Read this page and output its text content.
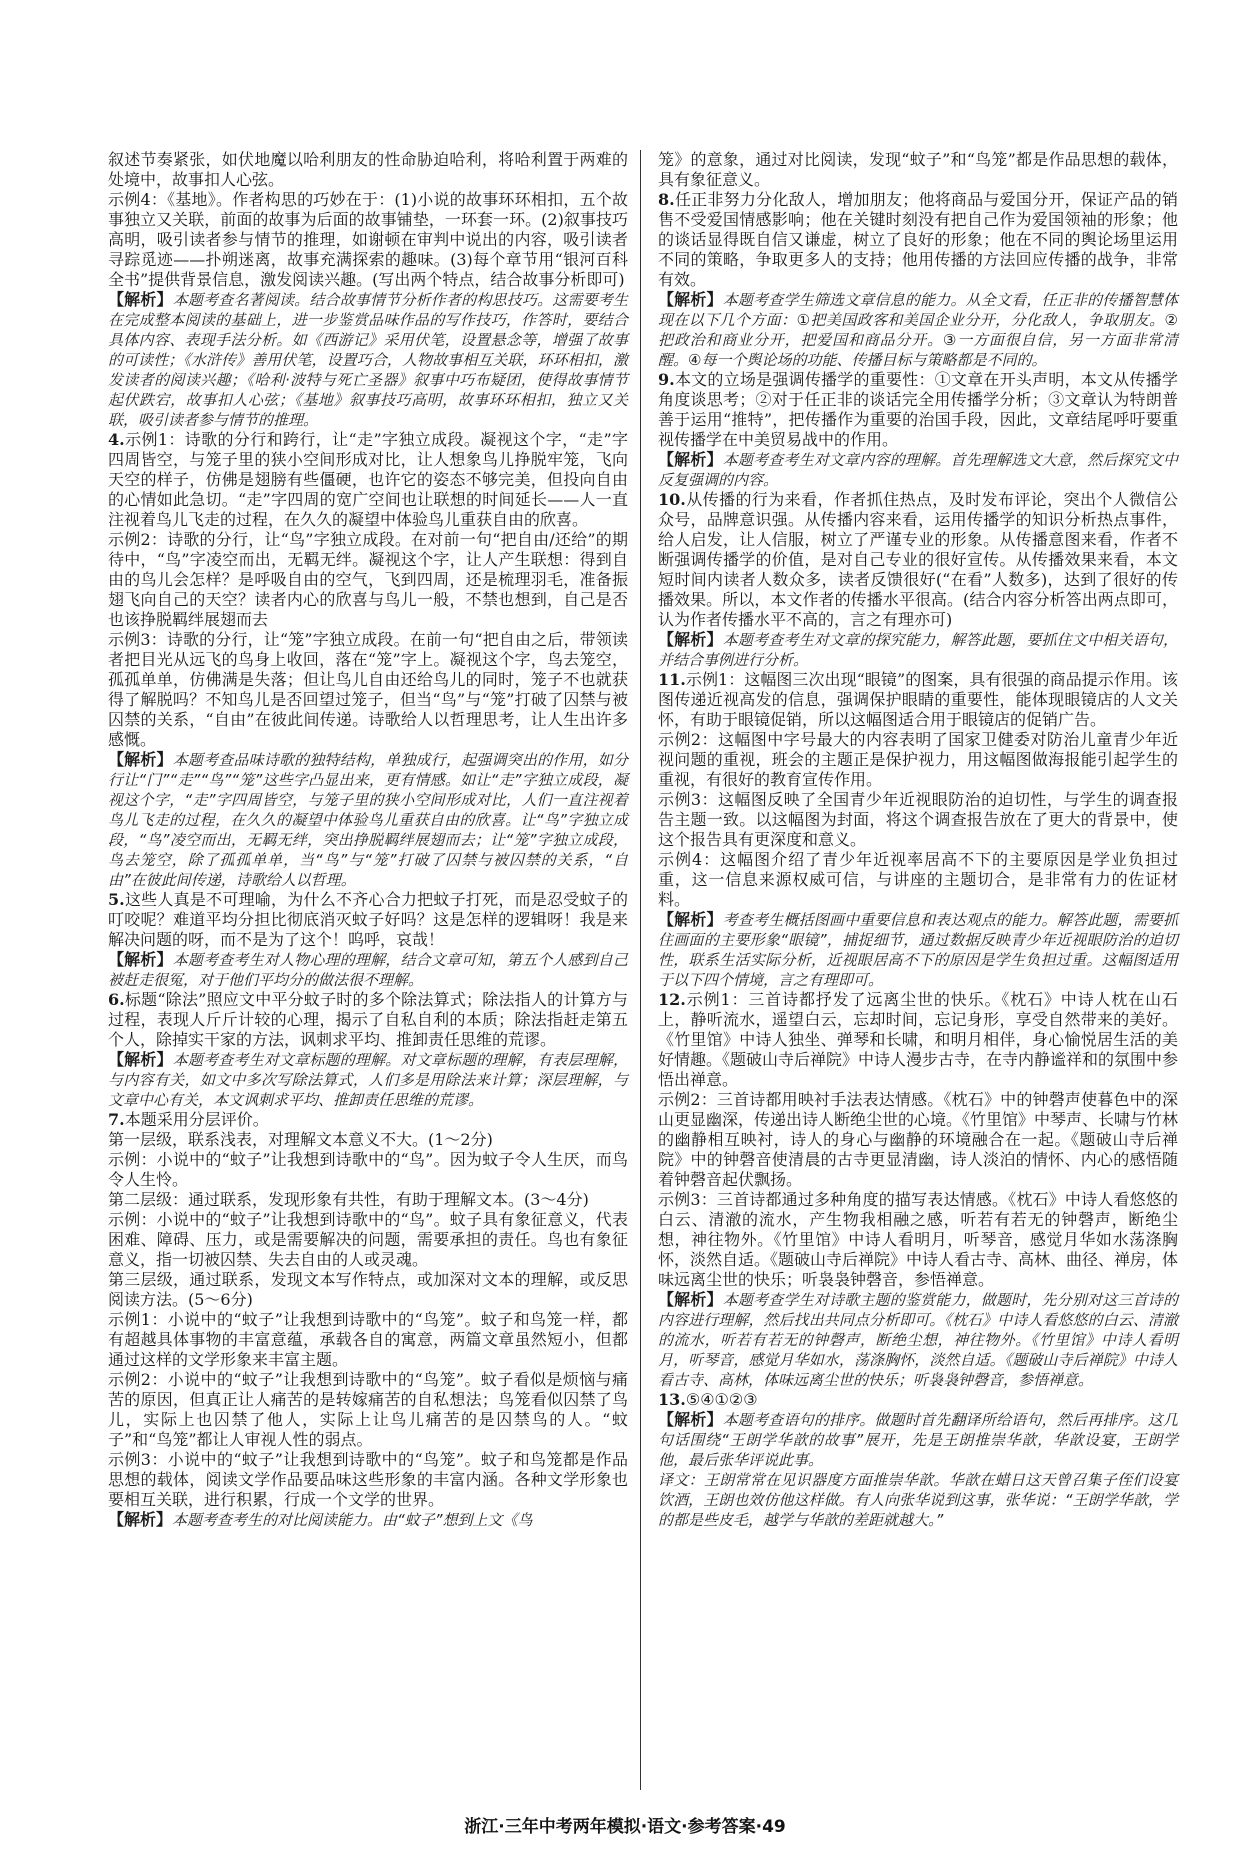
叙述节奏紧张，如伏地魔以哈利朋友的性命胁迫哈利，将哈利置于两难的处境中，故事扣人心弦。

示例4：《基地》。作者构思的巧妙在于：(1)小说的故事环环相扣，五个故事独立又关联，前面的故事为后面的故事铺垫，一环套一环。(2)叙事技巧高明，吸引读者参与情节的推理，如谢顿在审判中说出的内容，吸引读者寻踪觅迹——扑朔迷离，故事充满探索的趣味。(3)每个章节用“银河百科全书”提供背景信息，激发阅读兴趣。(写出两个特点，结合故事分析即可)

【解析】本题考查名著阅读。结合故事情节分析作者的构思技巧。这需要考生在完成整本阅读的基础上，进一步鉴赏品味作品的写作技巧，作答时，要结合具体内容、表现手法分析。如《西游记》采用伏笔，设置悬念等，增强了故事的可读性；《水浒传》善用伏笔，设置巧合，人物故事相互关联，环环相扣，激发读者的阅读兴趣；《哈利·波特与死亡圣器》叙事中巧布疑团，使得故事情节起伏跌宕，故事扣人心弦；《基地》叙事技巧高明，故事环环相扣，独立又关联，吸引读者参与情节的推理。

4.示例1：诗歌的分行和跨行，让“走”字独立成段。凝视这个字，“走”字四周皆空，与笼子里的狭小空间形成对比，让人想象鸟儿挣脱牢笼，飞向天空的样子，仿佛是翅膀有些僵硬，也许它的姿态不够完美，但投向自由的心情如此急切。“走”字四周的宽广空间也让联想的时间延长——人一直注视着鸟儿飞走的过程，在久久的凝望中体验鸟儿重获自由的欣喜。

示例2：诗歌的分行，让“鸟”字独立成段。在对前一句“把自由/还给”的期待中，“鸟”字凌空而出，无羁无绊。凝视这个字，让人产生联想：得到自由的鸟儿会怎样？是呼吸自由的空气，飞到四周，还是梳理羽毛，准备振翅飞向自己的天空？读者内心的欣喜与鸟儿一般，不禁也想到，自己是否也该挣脱羁绊展翅而去

示例3：诗歌的分行，让“笼”字独立成段。在前一句“把自由之后，带领读者把目光从远飞的鸟身上收回，落在“笼”字上。凝视这个字，鸟去笼空，孤孤单单，仿佛满是失落；但让鸟儿自由还给鸟儿的同时，笼子不也就获得了解脱吗？不知鸟儿是否回望过笼子，但当“鸟”与“笼”打破了囚禁与被囚禁的关系，“自由”在彼此间传递。诗歌给人以哲理思考，让人生出许多感慨。

【解析】本题考查品味诗歌的独特结构，单独成行，起强调突出的作用，如分行让“门”“走”“鸟”“笼”这些字凸显出来，更有情感。如让“走”字独立成段，凝视这个字，“走”字四周皆空，与笼子里的狭小空间形成对比，人们一直注视着鸟儿飞走的过程，在久久的凝望中体验鸟儿重获自由的欣喜。让“鸟”字独立成段，“鸟”凌空而出，无羁无绊，突出挣脱羁绊展翅而去；让“笼”字独立成段，鸟去笼空，除了孤孤单单，当“鸟”与“笼”打破了囚禁与被囚禁的关系，“自由”在彼此间传递，诗歌给人以哲理。

5.这些人真是不可理喻，为什么不齐心合力把蚊子打死，而是忍受蚊子的叮咬呢？难道平均分担比彻底消灭蚊子好吗？这是怎样的逻辑呀！我是来解决问题的呀，而不是为了这个！呜呼，哀哉！

【解析】本题考查考生对人物心理的理解，结合文章可知，第五个人感到自己被赶走很冤，对于他们平均分的做法很不理解。

6.标题“除法”照应文中平分蚊子时的多个除法算式；除法指人的计算方与过程，表现人斤斤计较的心理，揭示了自私自利的本质；除法指赶走第五个人，除掉实干家的方法，讽刺求平均、推卸责任思维的荒谬。

【解析】本题考查考生对文章标题的理解。对文章标题的理解，有表层理解，与内容有关，如文中多次写除法算式，人们多是用除法来计算；深层理解，与文章中心有关，本文讽刺求平均、推卸责任思维的荒谬。

7.本题采用分层评价。

第一层级，联系浅表，对理解文本意义不大。(1～2分)

示例：小说中的“蚊子”让我想到诗歌中的“鸟”。因为蚊子令人生厌，而鸟令人生怜。

第二层级：通过联系，发现形象有共性，有助于理解文本。(3～4分)

示例：小说中的“蚊子”让我想到诗歌中的“鸟”。蚊子具有象征意义，代表困难、障碍、压力，或是需要解决的问题，需要承担的责任。鸟也有象征意义，指一切被囚禁、失去自由的人或灵魂。

第三层级，通过联系，发现文本写作特点，或加深对文本的理解，或反思阅读方法。(5～6分)

示例1：小说中的“蚊子”让我想到诗歌中的“鸟笼”。蚊子和鸟笼一样，都有超越具体事物的丰富意蕴，承载各自的寓意，两篇文章虽然短小，但都通过这样的文学形象来丰富主题。

示例2：小说中的“蚊子”让我想到诗歌中的“鸟笼”。蚊子看似是烦恼与痛苦的原因，但真正让人痛苦的是转嫁痛苦的自私想法；鸟笼看似囚禁了鸟儿，实际上也囚禁了他人，实际上让鸟儿痛苦的是囚禁鸟的人。“蚊子”和“鸟笼”都让人审视人性的弱点。

示例3：小说中的“蚊子”让我想到诗歌中的“鸟笼”。蚊子和鸟笼都是作品思想的载体，阅读文学作品要品味这些形象的丰富内涵。各种文学形象也要相互关联，进行积累，行成一个文学的世界。

【解析】本题考查考生的对比阅读能力。由“蚊子”想到上文《鸟

笼》的意象，通过对比阅读，发现“蚊子”和“鸟笼”都是作品思想的载体，具有象征意义。

8.任正非努力分化敌人，增加朋友；他将商品与爱国分开，保证产品的销售不受爱国情感影响；他在关键时刻没有把自己作为爱国领袖的形象；他的谈话显得既自信又谦虚，树立了良好的形象；他在不同的舆论场里运用不同的策略，争取更多人的支持；他用传播的方法回应传播的战争，非常有效。

【解析】本题考查学生筛选文章信息的能力。从全文看，任正非的传播智慧体现在以下几个方面：①把美国政客和美国企业分开，分化敌人，争取朋友。②把政治和商业分开，把爱国和商品分开。③一方面很自信，另一方面非常清醒。④每一个舆论场的功能、传播目标与策略都是不同的。

9.本文的立场是强调传播学的重要性：①文章在开头声明，本文从传播学角度谈思考；②对于任正非的谈话完全用传播学分析；③文章认为特朗普善于运用“推特”，把传播作为重要的治国手段，因此，文章结尾呼吁要重视传播学在中美贸易战中的作用。

【解析】本题考查考生对文章内容的理解。首先理解选文大意，然后探究文中反复强调的内容。

10.从传播的行为来看，作者抓住热点，及时发布评论，突出个人微信公众号，品牌意识强。从传播内容来看，运用传播学的知识分析热点事件，给人启发，让人信服，树立了严谨专业的形象。从传播意图来看，作者不断强调传播学的价值，是对自己专业的很好宣传。从传播效果来看，本文短时间内读者人数众多，读者反馈很好(“在看”人数多)，达到了很好的传播效果。所以，本文作者的传播水平很高。(结合内容分析答出两点即可，认为作者传播水平不高的，言之有理亦可)

【解析】本题考查考生对文章的探究能力，解答此题，要抓住文中相关语句，并结合事例进行分析。

11.示例1：这幅图三次出现“眼镜”的图案，具有很强的商品提示作用。该图传递近视高发的信息，强调保护眼睛的重要性，能体现眼镜店的人文关怀，有助于眼镜促销，所以这幅图适合用于眼镜店的促销广告。

示例2：这幅图中字号最大的内容表明了国家卫健委对防治儿童青少年近视问题的重视，班会的主题正是保护视力，用这幅图做海报能引起学生的重视，有很好的教育宣传作用。

示例3：这幅图反映了全国青少年近视眼防治的迫切性，与学生的调查报告主题一致。以这幅图为封面，将这个调查报告放在了更大的背景中，使这个报告具有更深度和意义。

示例4：这幅图介绍了青少年近视率居高不下的主要原因是学业负担过重，这一信息来源权威可信，与讲座的主题切合，是非常有力的佐证材料。

【解析】考查考生概括图画中重要信息和表达观点的能力。解答此题，需要抓住画面的主要形象“眼镜”，捕捉细节，通过数据反映青少年近视眼防治的迫切性，联系生活实际分析，近视眼居高不下的原因是学生负担过重。这幅图适用于以下四个情境，言之有理即可。

12.示例1：三首诗都抒发了远离尘世的快乐。《枕石》中诗人枕在山石上，静听流水，遥望白云，忘却时间，忘记身形，享受自然带来的美好。《竹里馆》中诗人独坐、弹琴和长啸，和明月相伴，身心愉悦居生活的美好情趣。《题破山寺后禅院》中诗人漫步古寺，在寺内静谧祥和的氛围中参悟出禅意。

示例2：三首诗都用映衬手法表达情感。《枕石》中的钟磬声使暮色中的深山更显幽深，传递出诗人断绝尘世的心境。《竹里馆》中琴声、长啸与竹林的幽静相互映衬，诗人的身心与幽静的环境融合在一起。《题破山寺后禅院》中的钟磬音使清晨的古寺更显清幽，诗人淡泊的情怀、内心的感悟随着钟磬音起伏飘扬。

示例3：三首诗都通过多种角度的描写表达情感。《枕石》中诗人看悠悠的白云、清澈的流水，产生物我相融之感，听若有若无的钟磬声，断绝尘想，神往物外。《竹里馆》中诗人看明月，听琴音，感觉月华如水荡涤胸怀，淡然自适。《题破山寺后禅院》中诗人看古寺、高林、曲径、禅房，体味远离尘世的快乐；听袅袅钟磬音，参悟禅意。

【解析】本题考查学生对诗歌主题的鉴赏能力，做题时，先分别对这三首诗的内容进行理解，然后找出共同点分析即可。《枕石》中诗人看悠悠的白云、清澈的流水，听若有若无的钟磬声，断绝尘想，神往物外。《竹里馆》中诗人看明月，听琴音，感觉月华如水，荡涤胸怀，淡然自适。《题破山寺后禅院》中诗人看古寺、高林，体味远离尘世的快乐；听袅袅钟磬音，参悟禅意。

13.⑤④①②③

【解析】本题考查语句的排序。做题时首先翻译所给语句，然后再排序。这几句话围绕“王朗学华歆的故事”展开，先是王朗推崇华歆，华歆设宴，王朗学他，最后张华评说此事。

译文：王朗常常在见识器度方面推崇华歆。华歆在蜡日这天曾召集子侄们设宴饮酒，王朗也效仿他这样做。有人向张华说到这事，张华说：“王朗学华歆，学的都是些皮毛，越学与华歆的差距就越大。”

浙江·三年中考两年模拟·语文·参考答案·49
